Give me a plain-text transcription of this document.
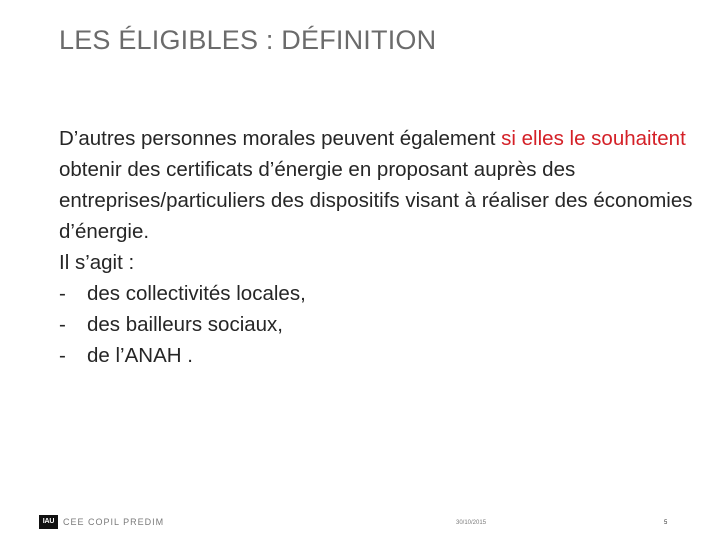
LES ÉLIGIBLES : DÉFINITION

D’autres personnes morales peuvent également si elles le souhaitent obtenir des certificats d’énergie en proposant auprès des entreprises/particuliers des dispositifs visant à réaliser des économies d’énergie.

Il s’agit :

-	des collectivités locales,
-	des bailleurs sociaux,
-	de l’ANAH .
IAU CEE COPIL PREDIM	30/10/2015	5
